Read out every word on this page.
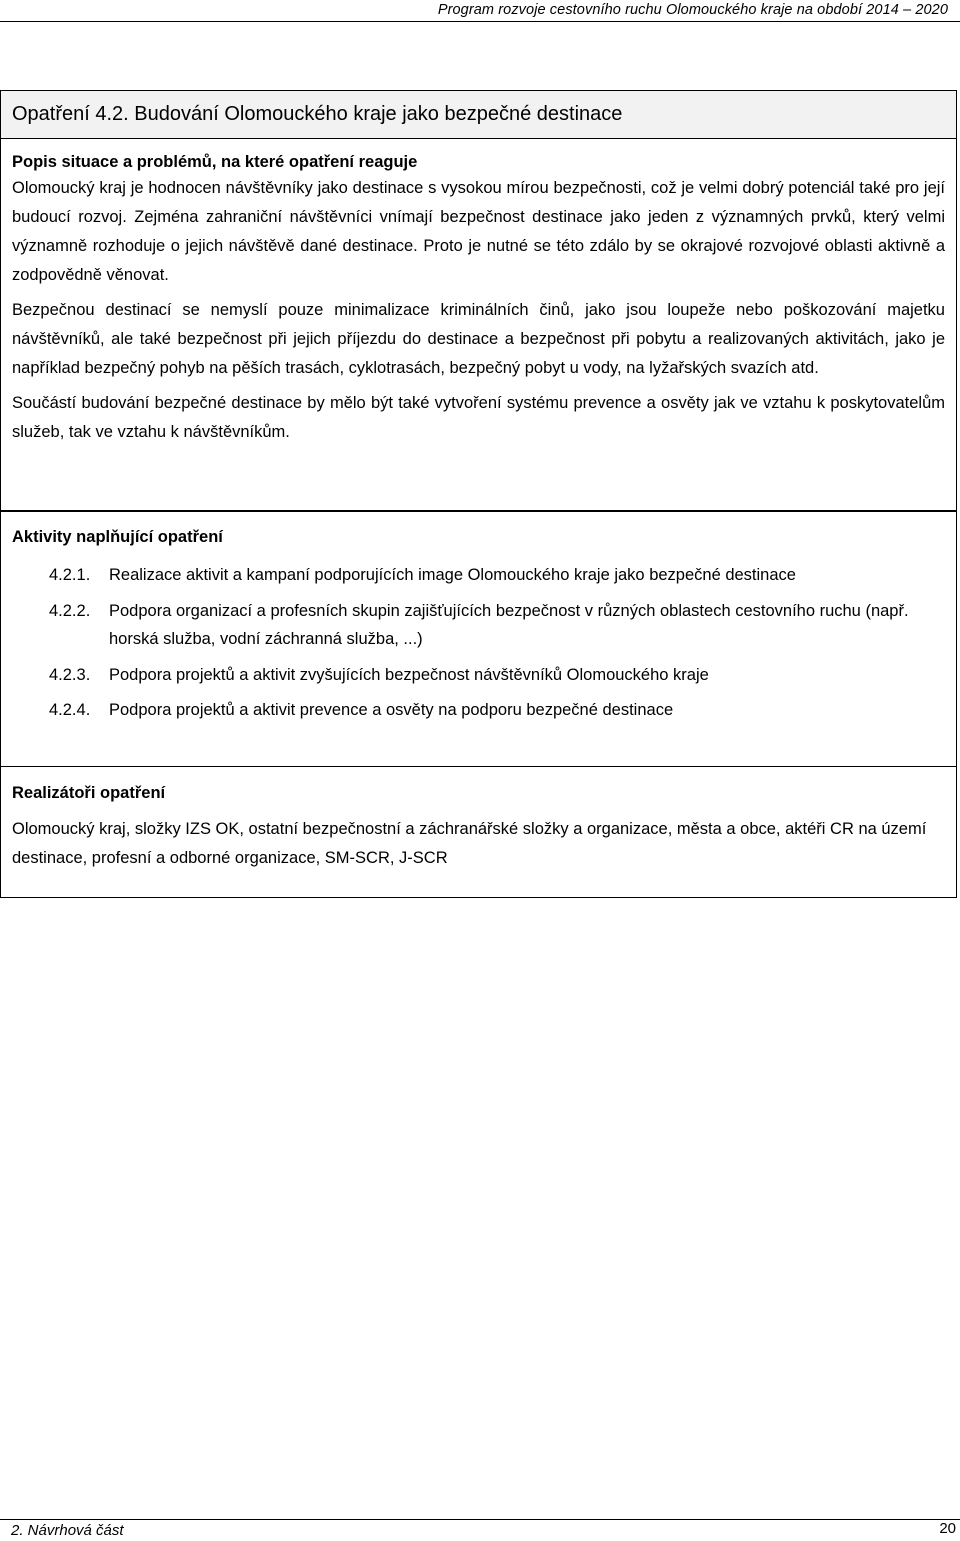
Program rozvoje cestovního ruchu Olomouckého kraje na období 2014 – 2020
Opatření 4.2. Budování Olomouckého kraje jako bezpečné destinace
Popis situace a problémů, na které opatření reaguje

Olomoucký kraj je hodnocen návštěvníky jako destinace s vysokou mírou bezpečnosti, což je velmi dobrý potenciál také pro její budoucí rozvoj. Zejména zahraniční návštěvníci vnímají bezpečnost destinace jako jeden z významných prvků, který velmi významně rozhoduje o jejich návštěvě dané destinace. Proto je nutné se této zdálo by se okrajové rozvojové oblasti aktivně a zodpovědně věnovat.

Bezpečnou destinací se nemyslí pouze minimalizace kriminálních činů, jako jsou loupeže nebo poškozování majetku návštěvníků, ale také bezpečnost při jejich příjezdu do destinace a bezpečnost při pobytu a realizovaných aktivitách, jako je například bezpečný pohyb na pěších trasách, cyklotrasách, bezpečný pobyt u vody, na lyžařských svazích atd.

Součástí budování bezpečné destinace by mělo být také vytvoření systému prevence a osvěty jak ve vztahu k poskytovatelům služeb, tak ve vztahu k návštěvníkům.

Aktivity naplňující opatření

4.2.1. Realizace aktivit a kampaní podporujících image Olomouckého kraje jako bezpečné destinace

4.2.2. Podpora organizací a profesních skupin zajišťujících bezpečnost v různých oblastech cestovního ruchu (např. horská služba, vodní záchranná služba, ...)

4.2.3. Podpora projektů a aktivit zvyšujících bezpečnost návštěvníků Olomouckého kraje

4.2.4. Podpora projektů a aktivit prevence a osvěty na podporu bezpečné destinace

Realizátoři opatření

Olomoucký kraj, složky IZS OK, ostatní bezpečnostní a záchranářské složky a organizace, města a obce, aktéři CR na území destinace, profesní a odborné organizace, SM-SCR, J-SCR

2. Návrhová část	20
